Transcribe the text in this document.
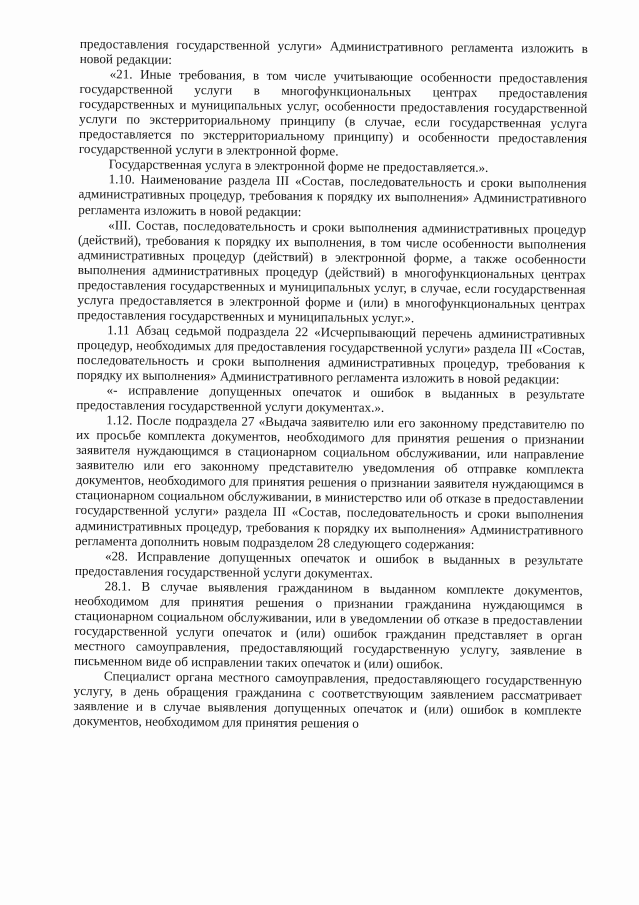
предоставления государственной услуги» Административного регламента изложить в новой редакции:

«21. Иные требования, в том числе учитывающие особенности предоставления государственной услуги в многофункциональных центрах предоставления государственных и муниципальных услуг, особенности предоставления государственной услуги по экстерриториальному принципу (в случае, если государственная услуга предоставляется по экстерриториальному принципу) и особенности предоставления государственной услуги в электронной форме.

Государственная услуга в электронной форме не предоставляется.».

1.10. Наименование раздела III «Состав, последовательность и сроки выполнения административных процедур, требования к порядку их выполнения» Административного регламента изложить в новой редакции:

«III. Состав, последовательность и сроки выполнения административных процедур (действий), требования к порядку их выполнения, в том числе особенности выполнения административных процедур (действий) в электронной форме, а также особенности выполнения административных процедур (действий) в многофункциональных центрах предоставления государственных и муниципальных услуг, в случае, если государственная услуга предоставляется в электронной форме и (или) в многофункциональных центрах предоставления государственных и муниципальных услуг.».

1.11 Абзац седьмой подраздела 22 «Исчерпывающий перечень административных процедур, необходимых для предоставления государственной услуги» раздела III «Состав, последовательность и сроки выполнения административных процедур, требования к порядку их выполнения» Административного регламента изложить в новой редакции:

«- исправление допущенных опечаток и ошибок в выданных в результате предоставления государственной услуги документах.».

1.12. После подраздела 27 «Выдача заявителю или его законному представителю по их просьбе комплекта документов, необходимого для принятия решения о признании заявителя нуждающимся в стационарном социальном обслуживании, или направление заявителю или его законному представителю уведомления об отправке комплекта документов, необходимого для принятия решения о признании заявителя нуждающимся в стационарном социальном обслуживании, в министерство или об отказе в предоставлении государственной услуги» раздела III «Состав, последовательность и сроки выполнения административных процедур, требования к порядку их выполнения» Административного регламента дополнить новым подразделом 28 следующего содержания:

«28. Исправление допущенных опечаток и ошибок в выданных в результате предоставления государственной услуги документах.

28.1. В случае выявления гражданином в выданном комплекте документов, необходимом для принятия решения о признании гражданина нуждающимся в стационарном социальном обслуживании, или в уведомлении об отказе в предоставлении государственной услуги опечаток и (или) ошибок гражданин представляет в орган местного самоуправления, предоставляющий государственную услугу, заявление в письменном виде об исправлении таких опечаток и (или) ошибок.

Специалист органа местного самоуправления, предоставляющего государственную услугу, в день обращения гражданина с соответствующим заявлением рассматривает заявление и в случае выявления допущенных опечаток и (или) ошибок в комплекте документов, необходимом для принятия решения о
